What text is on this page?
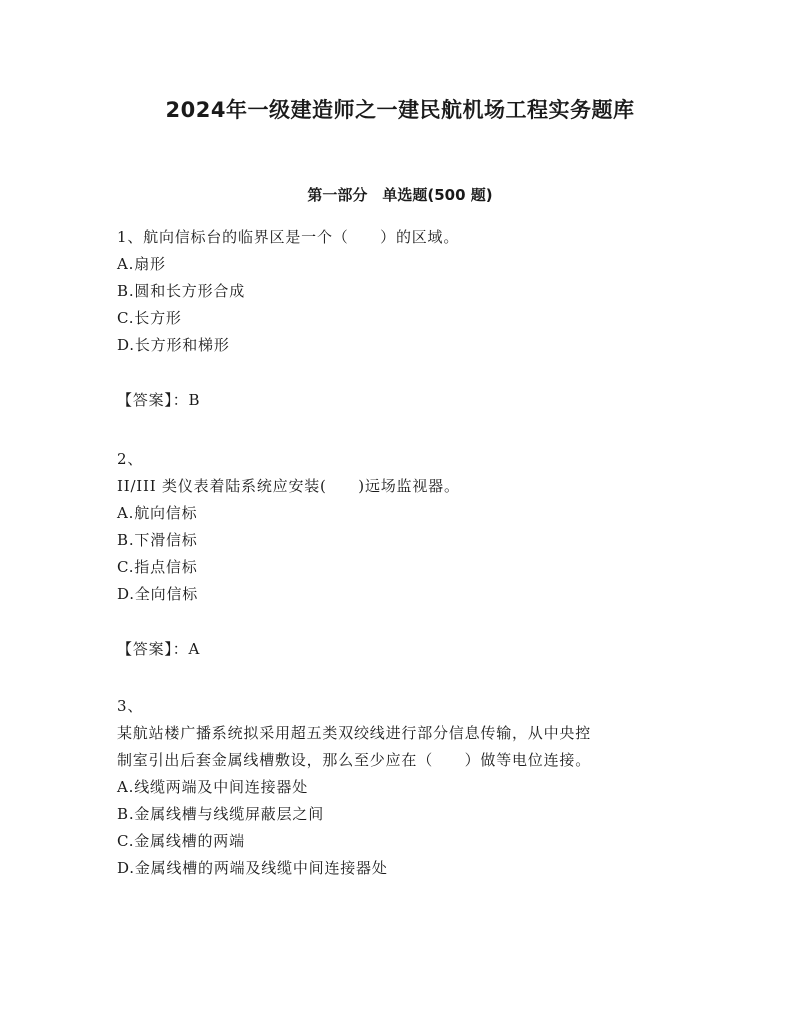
2024年一级建造师之一建民航机场工程实务题库
第一部分　单选题(500 题)
1、航向信标台的临界区是一个（　　）的区域。
A.扇形
B.圆和长方形合成
C.长方形
D.长方形和梯形
【答案】：B
2、
II/III 类仪表着陆系统应安装(　　)远场监视器。
A.航向信标
B.下滑信标
C.指点信标
D.全向信标
【答案】：A
3、
某航站楼广播系统拟采用超五类双绞线进行部分信息传输，从中央控
制室引出后套金属线槽敷设，那么至少应在（　　）做等电位连接。
A.线缆两端及中间连接器处
B.金属线槽与线缆屏蔽层之间
C.金属线槽的两端
D.金属线槽的两端及线缆中间连接器处
